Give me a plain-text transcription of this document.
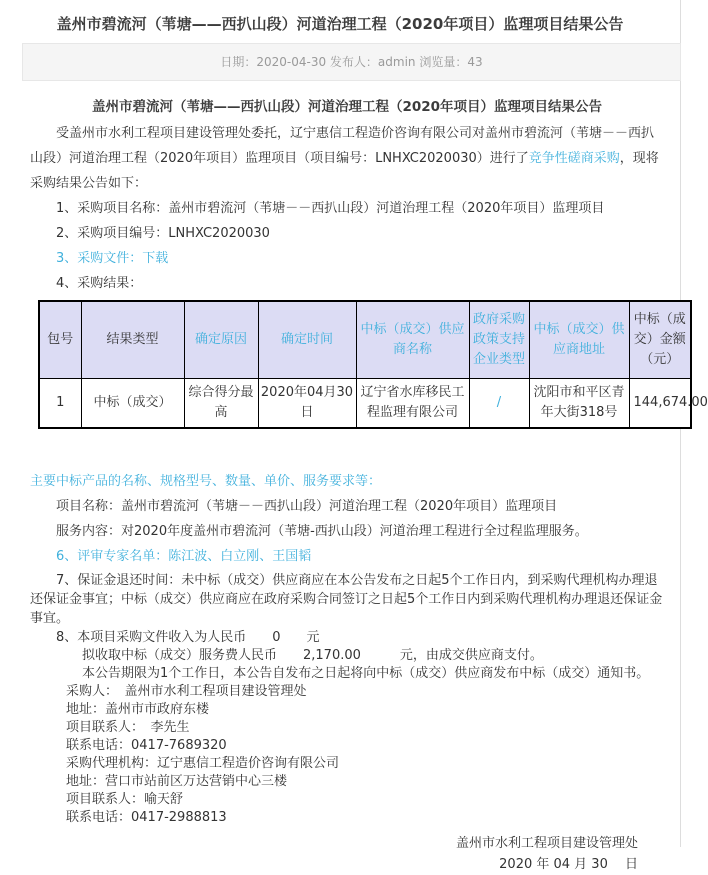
盖州市碧流河（苇塘——西扒山段）河道治理工程（2020年项目）监理项目结果公告
日期：2020-04-30 发布人：admin 浏览量：43

盖州市碧流河（苇塘——西扒山段）河道治理工程（2020年项目）监理项目结果公告

受盖州市水利工程项目建设管理处委托，辽宁惠信工程造价咨询有限公司对盖州市碧流河（苇塘－－西扒山段）河道治理工程（2020年项目）监理项目（项目编号：LNHXC2020030）进行了竞争性磋商采购，现将采购结果公告如下：

1、采购项目名称：盖州市碧流河（苇塘－－西扒山段）河道治理工程（2020年项目）监理项目

2、采购项目编号：LNHXC2020030

3、采购文件：下载

4、采购结果：

包号	结果类型	确定原因	确定时间	中标（成交）供应商名称	政府采购政策支持企业类型	中标（成交）供应商地址	中标（成交）金额（元）
1	中标（成交）	综合得分最高	2020年04月30日	辽宁省水库移民工程监理有限公司	/	沈阳市和平区青年大街318号	144,674.00

主要中标产品的名称、规格型号、数量、单价、服务要求等：

项目名称：盖州市碧流河（苇塘－－西扒山段）河道治理工程（2020年项目）监理项目

服务内容：对2020年度盖州市碧流河（苇塘-西扒山段）河道治理工程进行全过程监理服务。

6、评审专家名单：陈江波、白立刚、王国韬

7、保证金退还时间：未中标（成交）供应商应在本公告发布之日起5个工作日内，到采购代理机构办理退还保证金事宜；中标（成交）供应商应在政府采购合同签订之日起5个工作日内到采购代理机构办理退还保证金事宜。

8、本项目采购文件收入为人民币　　0　　元

拟收取中标（成交）服务费人民币　　2,170.00　　　元，由成交供应商支付。

本公告期限为1个工作日，本公告自发布之日起将向中标（成交）供应商发布中标（成交）通知书。

采购人：　盖州市水利工程项目建设管理处

地址：盖州市市政府东楼

项目联系人：　李先生

联系电话：0417-7689320

采购代理机构：辽宁惠信工程造价咨询有限公司

地址：营口市站前区万达营销中心三楼

项目联系人：喻天舒

联系电话：0417-2988813

盖州市水利工程项目建设管理处

2020 年 04 月 30 　日
